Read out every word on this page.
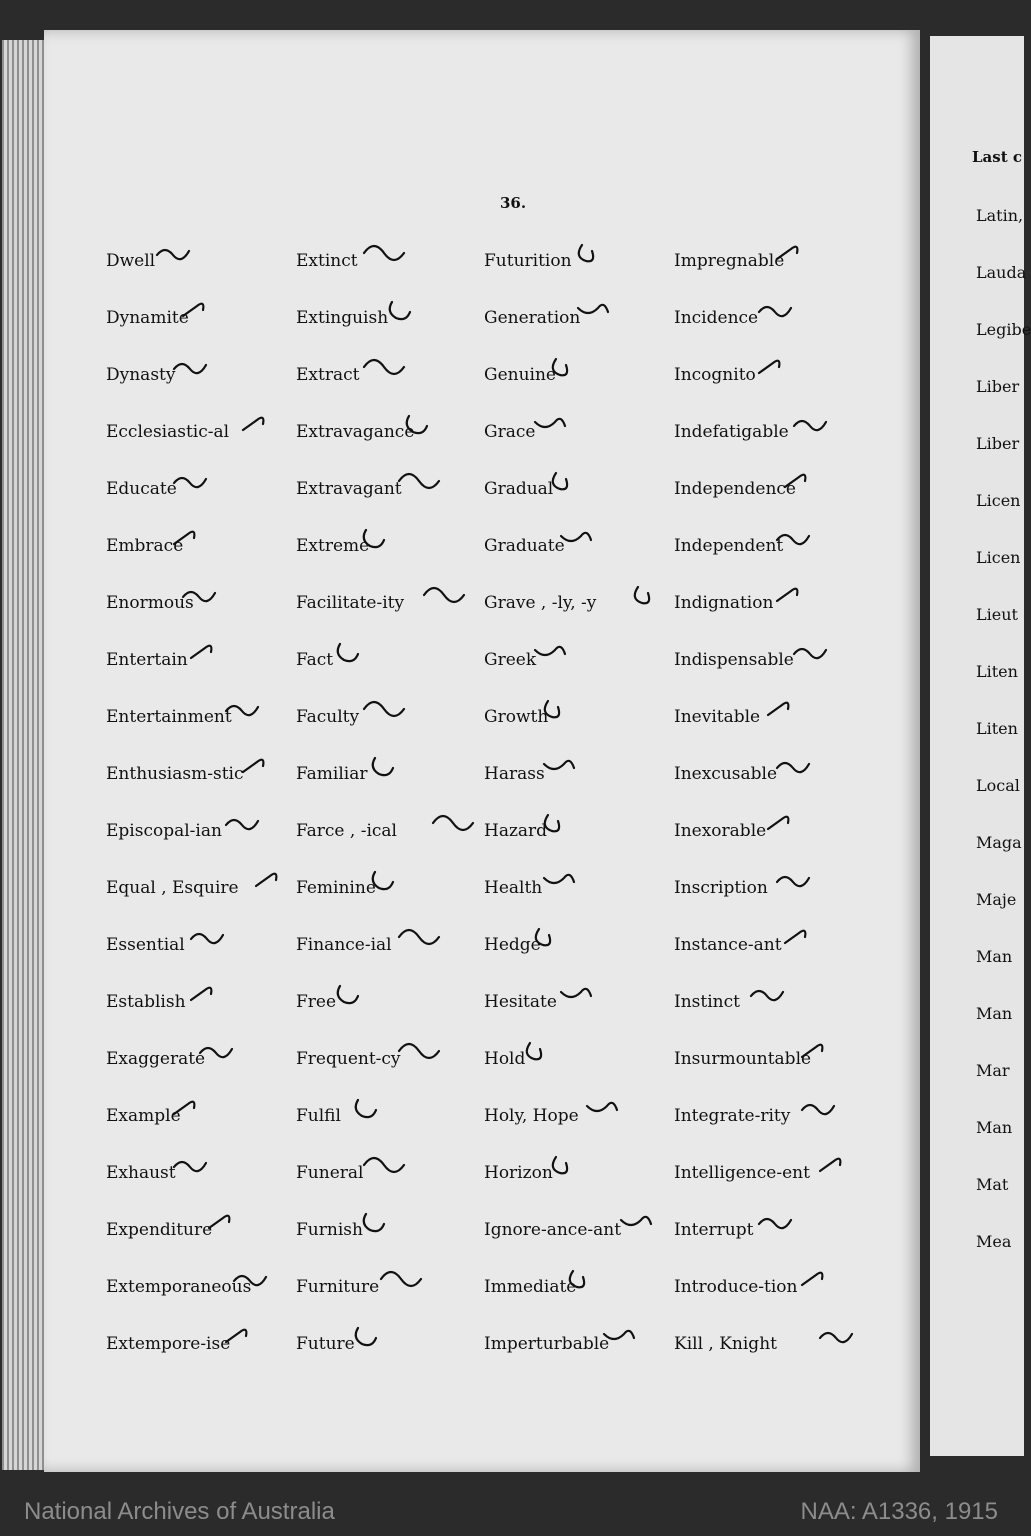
36.
Dwell
Dynamite
Dynasty
Ecclesiastic-al
Educate
Embrace
Enormous
Entertain
Entertainment
Enthusiasm-stic
Episcopal-ian
Equal , Esquire
Essential
Establish
Exaggerate
Example
Exhaust
Expenditure
Extemporaneous
Extempore-ise
Extinct
Extinguish
Extract
Extravagance
Extravagant
Extreme
Facilitate-ity
Fact
Faculty
Familiar
Farce , -ical
Feminine
Finance-ial
Free
Frequent-cy
Fulfil
Funeral
Furnish
Furniture
Future
Futurition
Generation
Genuine
Grace
Gradual
Graduate
Grave , -ly, -y
Greek
Growth
Harass
Hazard
Health
Hedge
Hesitate
Hold
Holy, Hope
Horizon
Ignore-ance-ant
Immediate
Imperturbable
Impregnable
Incidence
Incognito
Indefatigable
Independence
Independent
Indignation
Indispensable
Inevitable
Inexcusable
Inexorable
Inscription
Instance-ant
Instinct
Insurmountable
Integrate-rity
Intelligence-ent
Interrupt
Introduce-tion
Kill , Knight
Last c
Latin,
Lauda
Legibe
Liber
Liber
Licen
Licen
Lieut
Liten
Liten
Local
Maga
Maje
Man
Man
Mar
Man
Mat
Mea
National Archives of Australia	NAA: A1336, 1915
